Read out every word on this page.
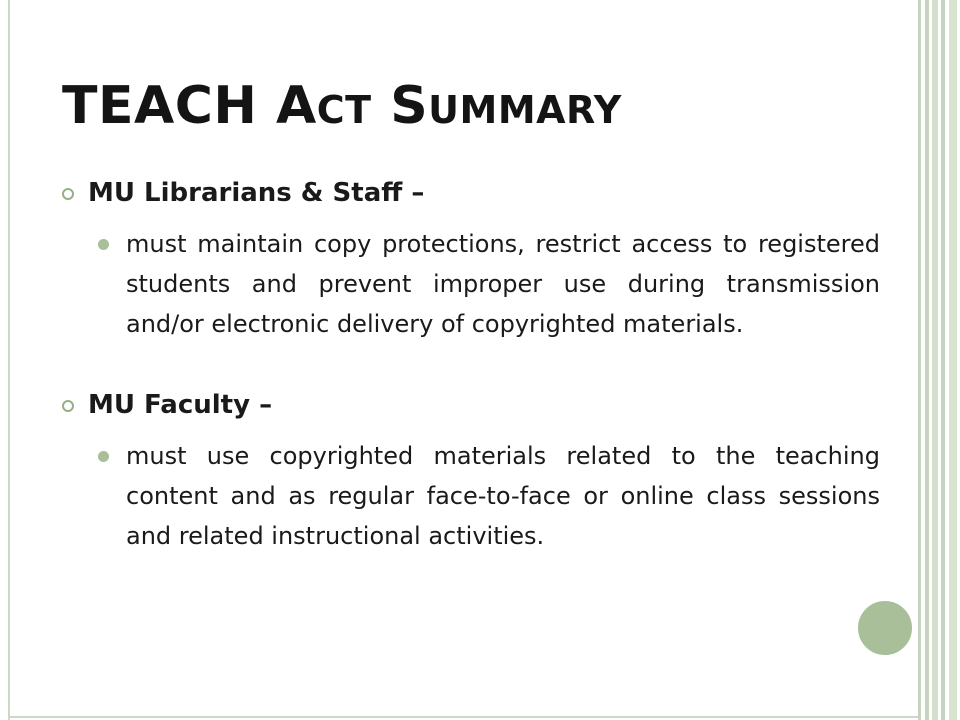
TEACH ACT SUMMARY
MU Librarians & Staff –
must maintain copy protections, restrict access to registered students and prevent improper use during transmission and/or electronic delivery of copyrighted materials.
MU Faculty –
must use copyrighted materials related to the teaching content and as regular face-to-face or online class sessions and related instructional activities.
